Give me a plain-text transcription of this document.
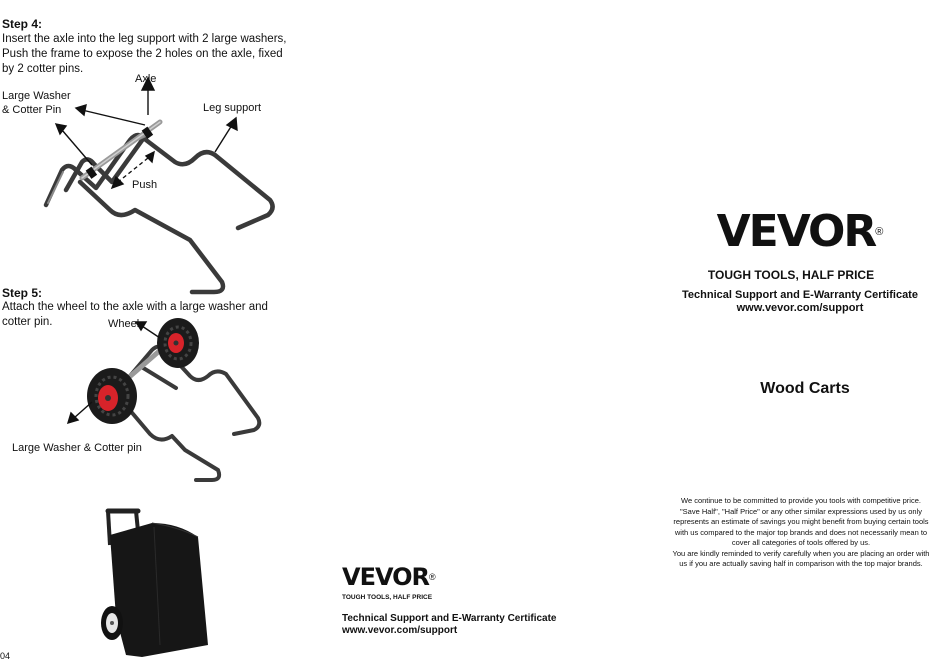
Step 4:
Insert the axle into the leg support with 2 large washers, Push the frame to expose the 2 holes on the axle, fixed by 2 cotter pins.
Axle
Large Washer
& Cotter Pin	Leg support
Push
Step 5:
Attach the wheel to the axle with a large washer and cotter pin.	Wheel
Large Washer & Cotter pin
04
VEVOR®
TOUGH TOOLS, HALF PRICE
Technical Support and E-Warranty Certificate
www.vevor.com/support
VEVOR®
TOUGH TOOLS, HALF PRICE
Technical Support and E-Warranty Certificate
www.vevor.com/support
Wood Carts
We continue to be committed to provide you tools with competitive price.
"Save Half", "Half Price" or any other similar expressions used by us only
represents an estimate of savings you might benefit from buying certain tools
with us compared to the major top brands and does not necessarily mean to
cover all categories of tools offered by us.
You are kindly reminded to verify carefully when you are placing an order with
us if you are actually saving half in comparison with the top major brands.
